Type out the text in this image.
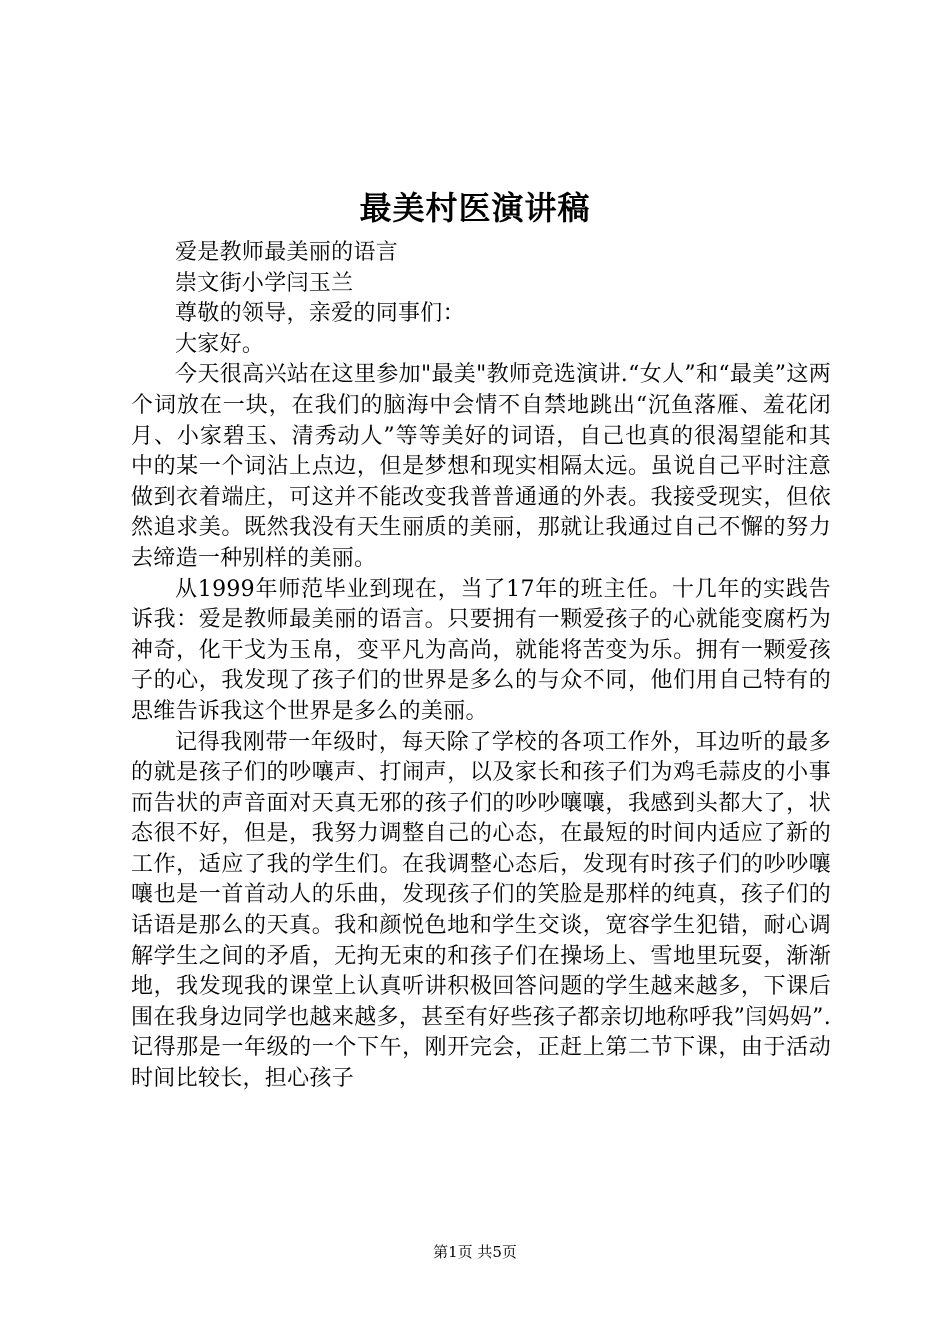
最美村医演讲稿

爱是教师最美丽的语言

崇文街小学闫玉兰

尊敬的领导，亲爱的同事们：

大家好。

今天很高兴站在这里参加"最美"教师竞选演讲.“女人”和“最美”这两个词放在一块，在我们的脑海中会情不自禁地跳出“沉鱼落雁、羞花闭月、小家碧玉、清秀动人”等等美好的词语，自己也真的很渴望能和其中的某一个词沾上点边，但是梦想和现实相隔太远。虽说自己平时注意做到衣着端庄，可这并不能改变我普普通通的外表。我接受现实，但依然追求美。既然我没有天生丽质的美丽，那就让我通过自己不懈的努力去缔造一种别样的美丽。

从1999年师范毕业到现在，当了17年的班主任。十几年的实践告诉我：爱是教师最美丽的语言。只要拥有一颗爱孩子的心就能变腐朽为神奇，化干戈为玉帛，变平凡为高尚，就能将苦变为乐。拥有一颗爱孩子的心，我发现了孩子们的世界是多么的与众不同，他们用自己特有的思维告诉我这个世界是多么的美丽。

记得我刚带一年级时，每天除了学校的各项工作外，耳边听的最多的就是孩子们的吵嚷声、打闹声，以及家长和孩子们为鸡毛蒜皮的小事而告状的声音面对天真无邪的孩子们的吵吵嚷嚷，我感到头都大了，状态很不好，但是，我努力调整自己的心态，在最短的时间内适应了新的工作，适应了我的学生们。在我调整心态后，发现有时孩子们的吵吵嚷嚷也是一首首动人的乐曲，发现孩子们的笑脸是那样的纯真，孩子们的话语是那么的天真。我和颜悦色地和学生交谈，宽容学生犯错，耐心调解学生之间的矛盾，无拘无束的和孩子们在操场上、雪地里玩耍，渐渐地，我发现我的课堂上认真听讲积极回答问题的学生越来越多，下课后围在我身边同学也越来越多，甚至有好些孩子都亲切地称呼我”闫妈妈”.记得那是一年级的一个下午，刚开完会，正赶上第二节下课，由于活动时间比较长，担心孩子

第1页 共5页
